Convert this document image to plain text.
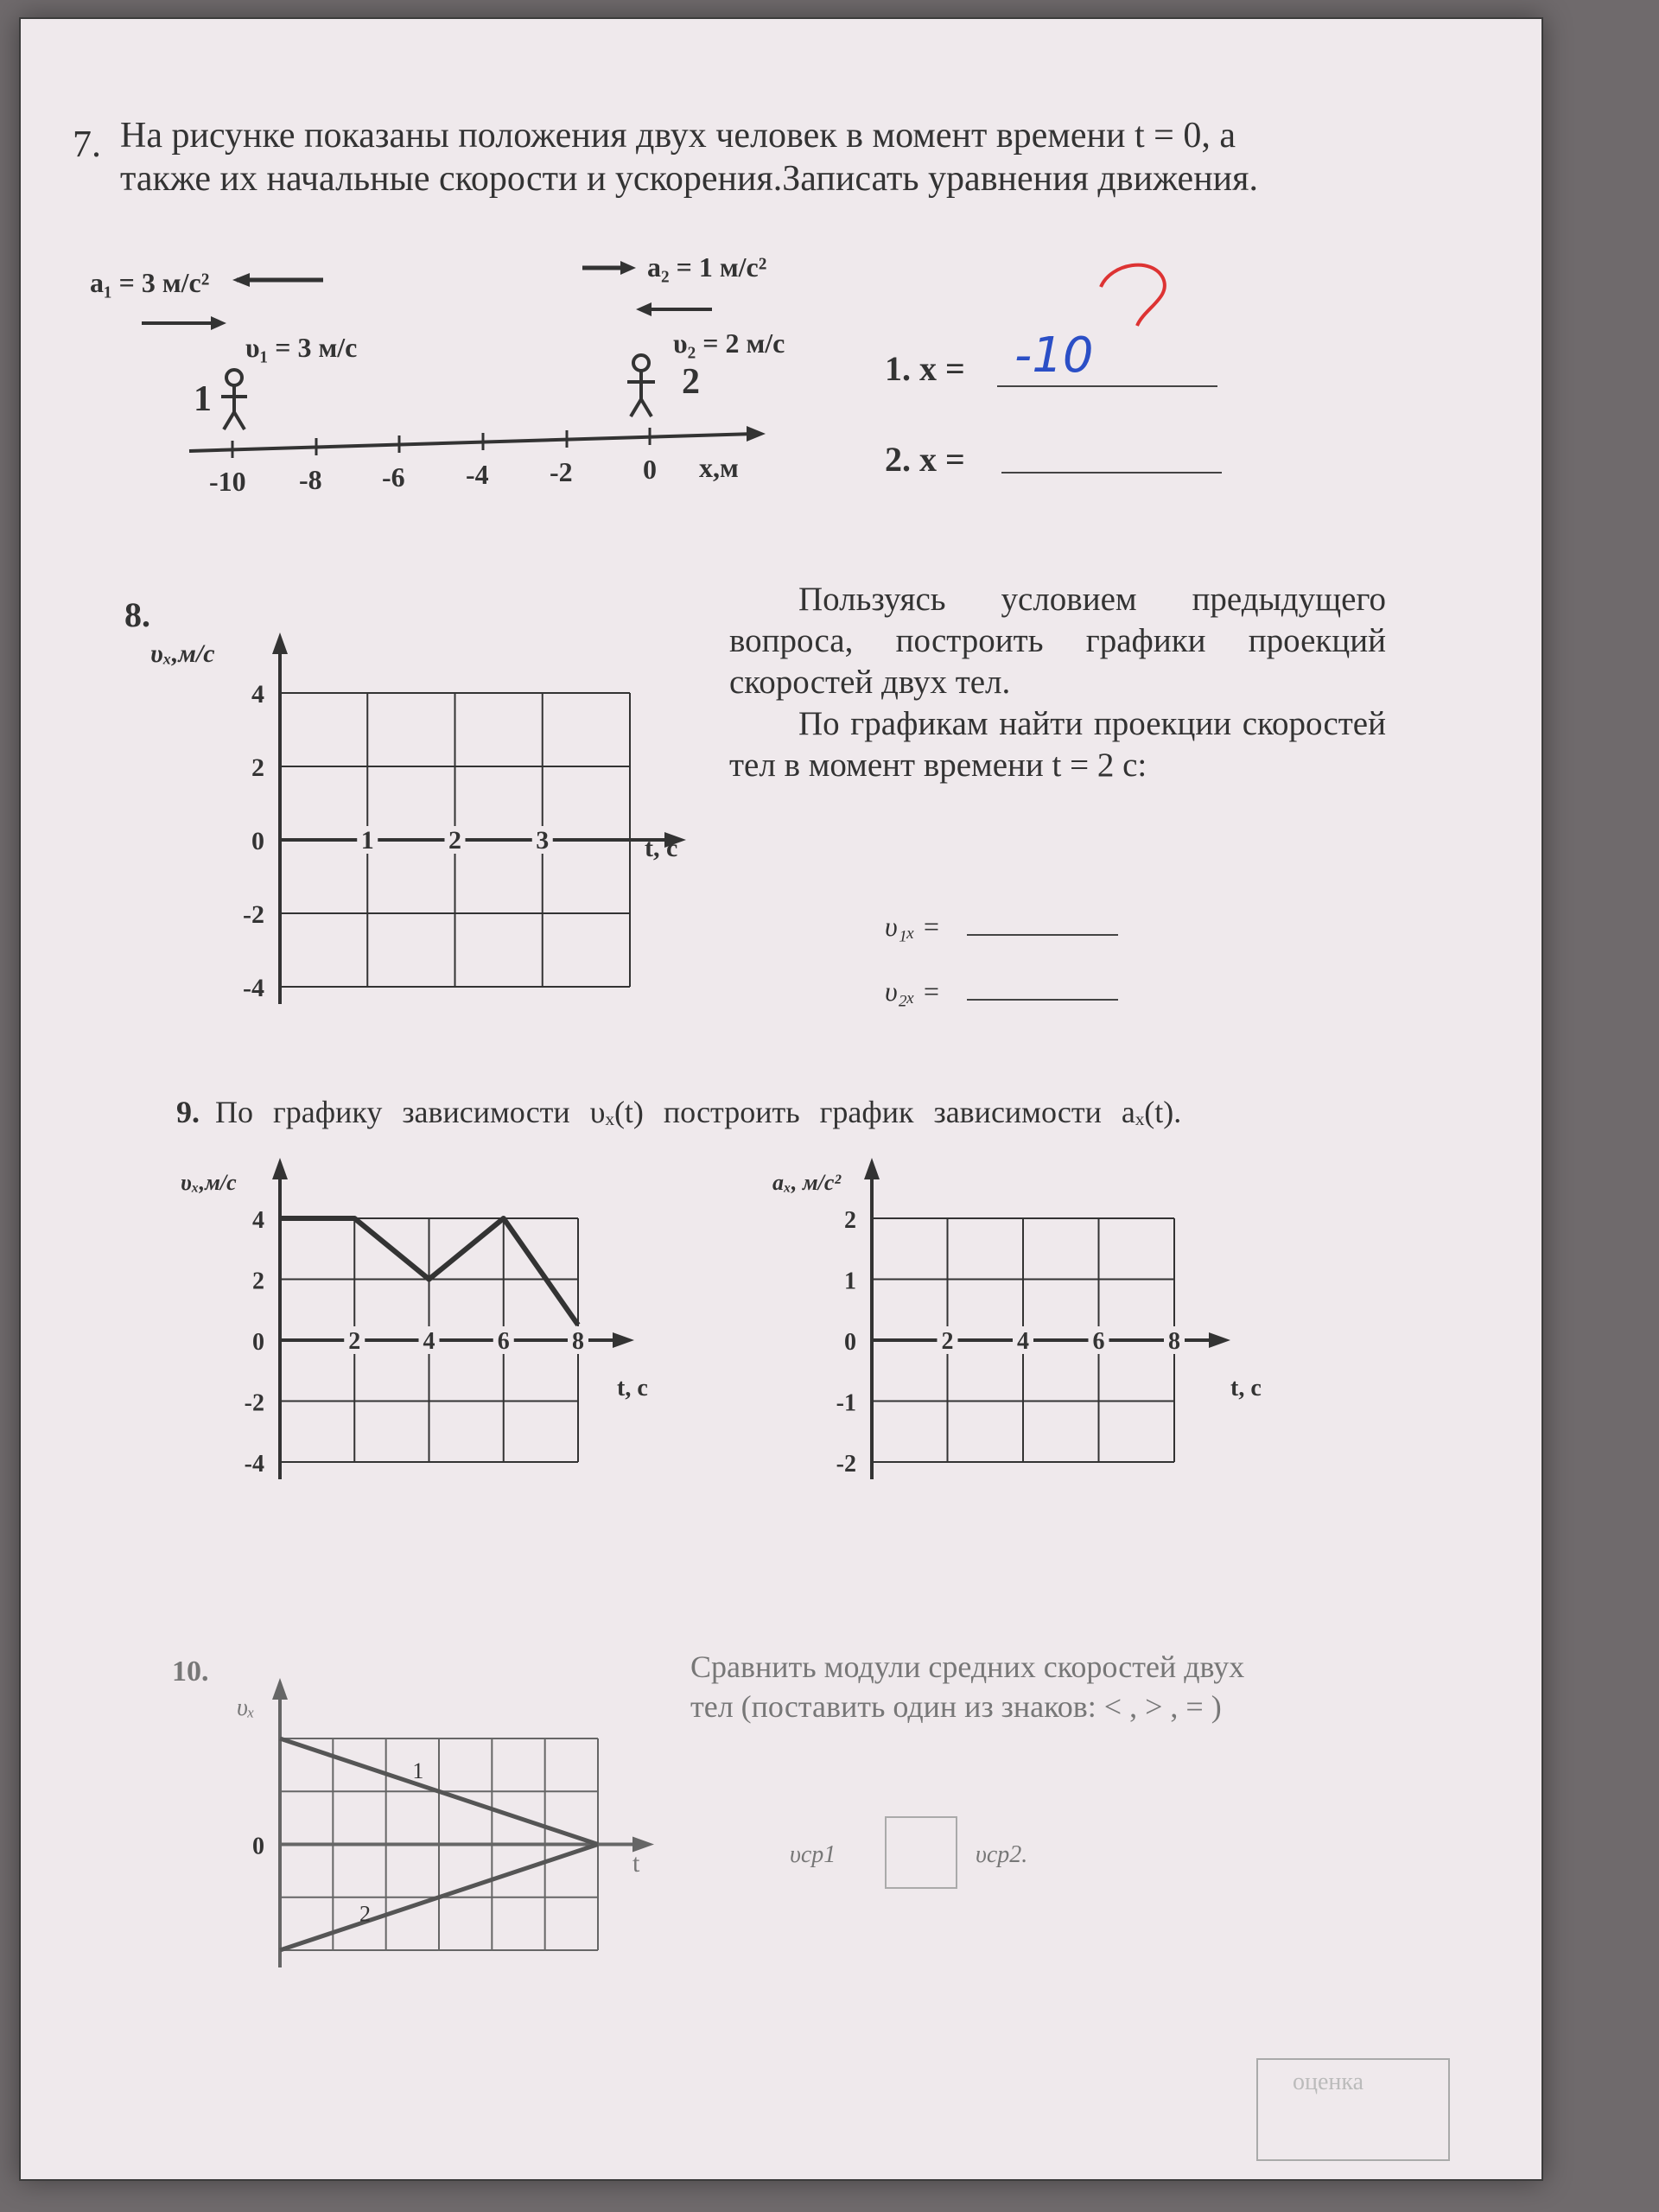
7. На рисунке показаны положения двух человек в момент времени t = 0, а
также их начальные скорости и ускорения.Записать уравнения движения.
a₁ = 3 м/с²
υ₁ = 3 м/с
a₂ = 1 м/с²
υ₂ = 2 м/с
1	2
-10 -8 -6 -4 -2	0 x,м
1. x = -10
2. x =
8.
4
2
0
-2
-4
1	2	3
υₓ,м/с
t, с

Пользуясь условием предыдущего вопроса, построить графики проекций скоростей двух тел.

По графикам найти проекции скоростей тел в момент времени t = 2 с:

υ₁ₓ =
υ₂ₓ =
9. По графику зависимости υₓ(t) построить график зависимости aₓ(t).
4
2
0
-2
-4
2	4	6	8
2
1
0
-1
-2
2	4	6	8
υₓ,м/с
t, с
aₓ, м/с²
t, с
10.	Сравнить модули средних скоростей двух
тел (поставить один из знаков: < , > , = )
0
1
2
υₓ
t	υср1	υср2.
оценка
